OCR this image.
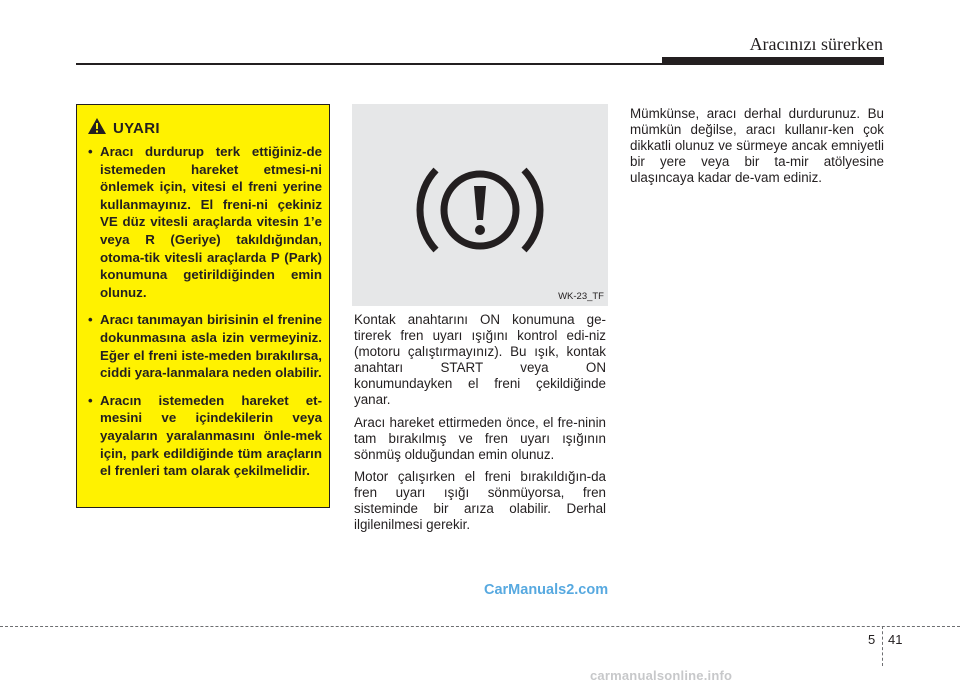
Aracınızı sürerken
UYARI
• Aracı durdurup terk ettiğiniz-de istemeden hareket etmesi-ni önlemek için, vitesi el freni yerine kullanmayınız. El freni-ni çekiniz VE düz vitesli araçlarda vitesin 1’e veya R (Geriye) takıldığından, otoma-tik vitesli araçlarda P (Park) konumuna getirildiğinden emin olunuz.
• Aracı tanımayan birisinin el frenine dokunmasına asla izin vermeyiniz. Eğer el freni iste-meden bırakılırsa, ciddi yara-lanmalara neden olabilir.
• Aracın istemeden hareket et-mesini ve içindekilerin veya yayaların yaralanmasını önle-mek için, park edildiğinde tüm araçların el frenleri tam olarak çekilmelidir.
WK-23_TF

Kontak anahtarını ON konumuna ge-tirerek fren uyarı ışığını kontrol edi-niz (motoru çalıştırmayınız). Bu ışık, kontak anahtarı START veya ON konumundayken el freni çekildiğinde yanar.

Aracı hareket ettirmeden önce, el fre-ninin tam bırakılmış ve fren uyarı ışığının sönmüş olduğundan emin olunuz.

Motor çalışırken el freni bırakıldığın-da fren uyarı ışığı sönmüyorsa, fren sisteminde bir arıza olabilir. Derhal ilgilenilmesi gerekir.

Mümkünse, aracı derhal durdurunuz. Bu mümkün değilse, aracı kullanır-ken çok dikkatli olunuz ve sürmeye ancak emniyetli bir yere veya bir ta-mir atölyesine ulaşıncaya kadar de-vam ediniz.

CarManuals2.com
5 41
carmanualsonline.info
